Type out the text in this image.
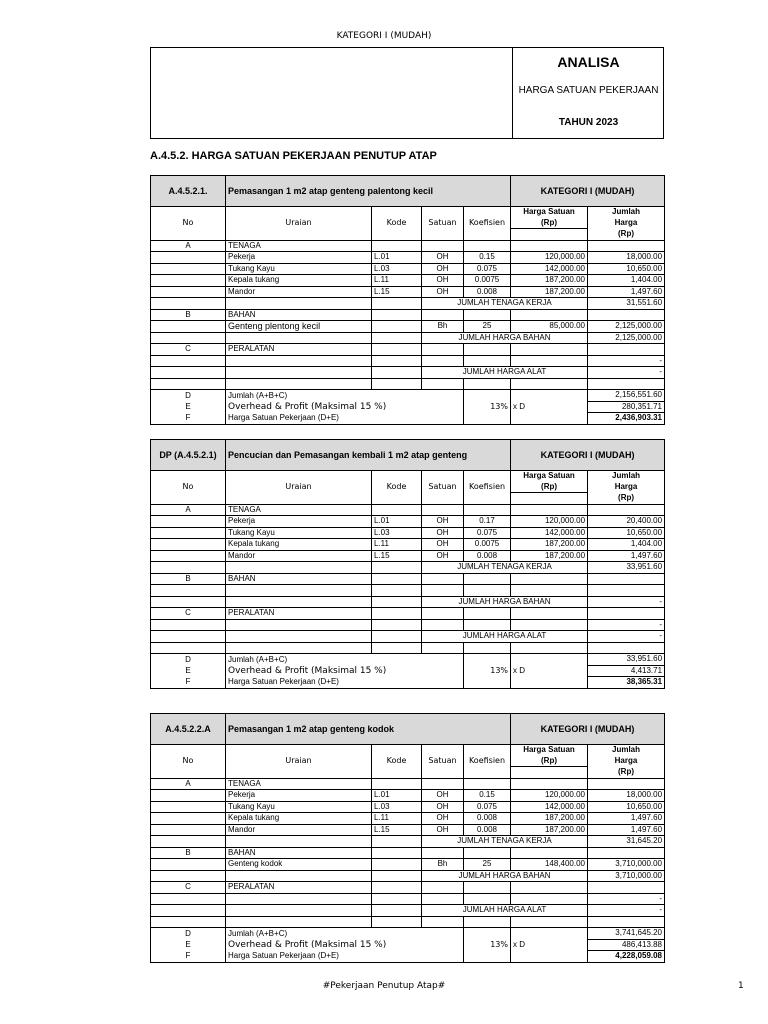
KATEGORI I (MUDAH)
ANALISA
HARGA SATUAN PEKERJAAN
TAHUN 2023
A.4.5.2. HARGA SATUAN PEKERJAAN PENUTUP ATAP
A.4.5.2.1.	Pemasangan 1 m2 atap genteng palentong kecil				KATEGORI I (MUDAH)	
No	Uraian	Kode	Satuan	Koefisien	Harga Satuan	Jumlah
					(Rp)	Harga
						(Rp)
A	TENAGA					
	Pekerja	L.01	OH	0.15	120,000.00	18,000.00
	Tukang Kayu	L.03	OH	0.075	142,000.00	10,650.00
	Kepala tukang	L.11	OH	0.0075	187,200.00	1,404.00
	Mandor	L.15	OH	0.008	187,200.00	1,497.60
			JUMLAH TENAGA KERJA			31,551.60
B	BAHAN					
	Genteng plentong kecil		Bh	25	85,000.00	2,125,000.00
			JUMLAH HARGA BAHAN			2,125,000.00
C	PERALATAN					
						-
			JUMLAH HARGA ALAT			-

D	Jumlah (A+B+C)					2,156,551.60
E	Overhead & Profit (Maksimal 15 %)			13%	x D	280,351.71
F	Harga Satuan Pekerjaan (D+E)					2,436,903.31
DP (A.4.5.2.1)	Pencucian dan Pemasangan kembali 1 m2 atap genteng				KATEGORI I (MUDAH)	
No	Uraian	Kode	Satuan	Koefisien	Harga Satuan	Jumlah
					(Rp)	Harga
						(Rp)
A	TENAGA					
	Pekerja	L.01	OH	0.17	120,000.00	20,400.00
	Tukang Kayu	L.03	OH	0.075	142,000.00	10,650.00
	Kepala tukang	L.11	OH	0.0075	187,200.00	1,404.00
	Mandor	L.15	OH	0.008	187,200.00	1,497.60
			JUMLAH TENAGA KERJA			33,951.60
B	BAHAN					

			JUMLAH HARGA BAHAN			-
C	PERALATAN					
						-
			JUMLAH HARGA ALAT			-

D	Jumlah (A+B+C)					33,951.60
E	Overhead & Profit (Maksimal 15 %)			13%	x D	4,413.71
F	Harga Satuan Pekerjaan (D+E)					38,365.31
A.4.5.2.2.A	Pemasangan 1 m2 atap genteng kodok				KATEGORI I (MUDAH)	
No	Uraian	Kode	Satuan	Koefisien	Harga Satuan	Jumlah
					(Rp)	Harga
						(Rp)
A	TENAGA					
	Pekerja	L.01	OH	0.15	120,000.00	18,000.00
	Tukang Kayu	L.03	OH	0.075	142,000.00	10,650.00
	Kepala tukang	L.11	OH	0.008	187,200.00	1,497.60
	Mandor	L.15	OH	0.008	187,200.00	1,497.60
			JUMLAH TENAGA KERJA			31,645.20
B	BAHAN					
	Genteng kodok		Bh	25	148,400.00	3,710,000.00
			JUMLAH HARGA BAHAN			3,710,000.00
C	PERALATAN					
						-
			JUMLAH HARGA ALAT			-

D	Jumlah (A+B+C)					3,741,645.20
E	Overhead & Profit (Maksimal 15 %)			13%	x D	486,413.88
F	Harga Satuan Pekerjaan (D+E)					4,228,059.08
#Pekerjaan Penutup Atap#	1
